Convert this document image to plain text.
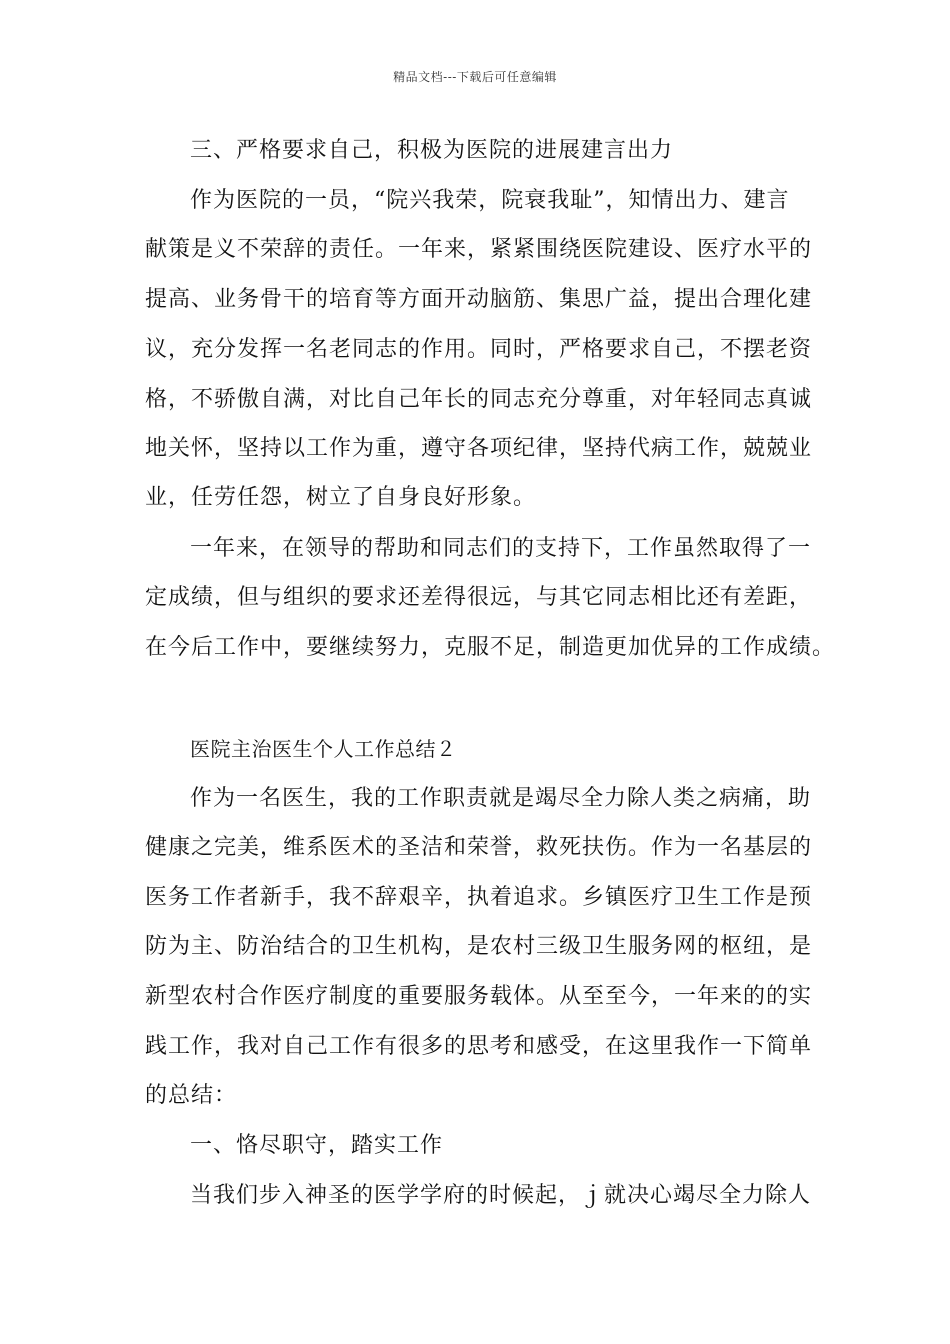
精品文档---下载后可任意编辑
三、严格要求自己，积极为医院的进展建言出力
作为医院的一员，“院兴我荣，院衰我耻”，知情出力、建言
献策是义不荣辞的责任。一年来，紧紧围绕医院建设、医疗水平的
提高、业务骨干的培育等方面开动脑筋、集思广益，提出合理化建
议，充分发挥一名老同志的作用。同时，严格要求自己，不摆老资
格，不骄傲自满，对比自己年长的同志充分尊重，对年轻同志真诚
地关怀，坚持以工作为重，遵守各项纪律，坚持代病工作，兢兢业
业，任劳任怨，树立了自身良好形象。
一年来，在领导的帮助和同志们的支持下，工作虽然取得了一
定成绩，但与组织的要求还差得很远，与其它同志相比还有差距，
在今后工作中，要继续努力，克服不足，制造更加优异的工作成绩。
医院主治医生个人工作总结２
作为一名医生，我的工作职责就是竭尽全力除人类之病痛，助
健康之完美，维系医术的圣洁和荣誉，救死扶伤。作为一名基层的
医务工作者新手，我不辞艰辛，执着追求。乡镇医疗卫生工作是预
防为主、防治结合的卫生机构，是农村三级卫生服务网的枢纽，是
新型农村合作医疗制度的重要服务载体。从至至今，一年来的的实
践工作，我对自己工作有很多的思考和感受，在这里我作一下简单
的总结：
一、恪尽职守，踏实工作
当我们步入神圣的医学学府的时候起，ｊ就决心竭尽全力除人
